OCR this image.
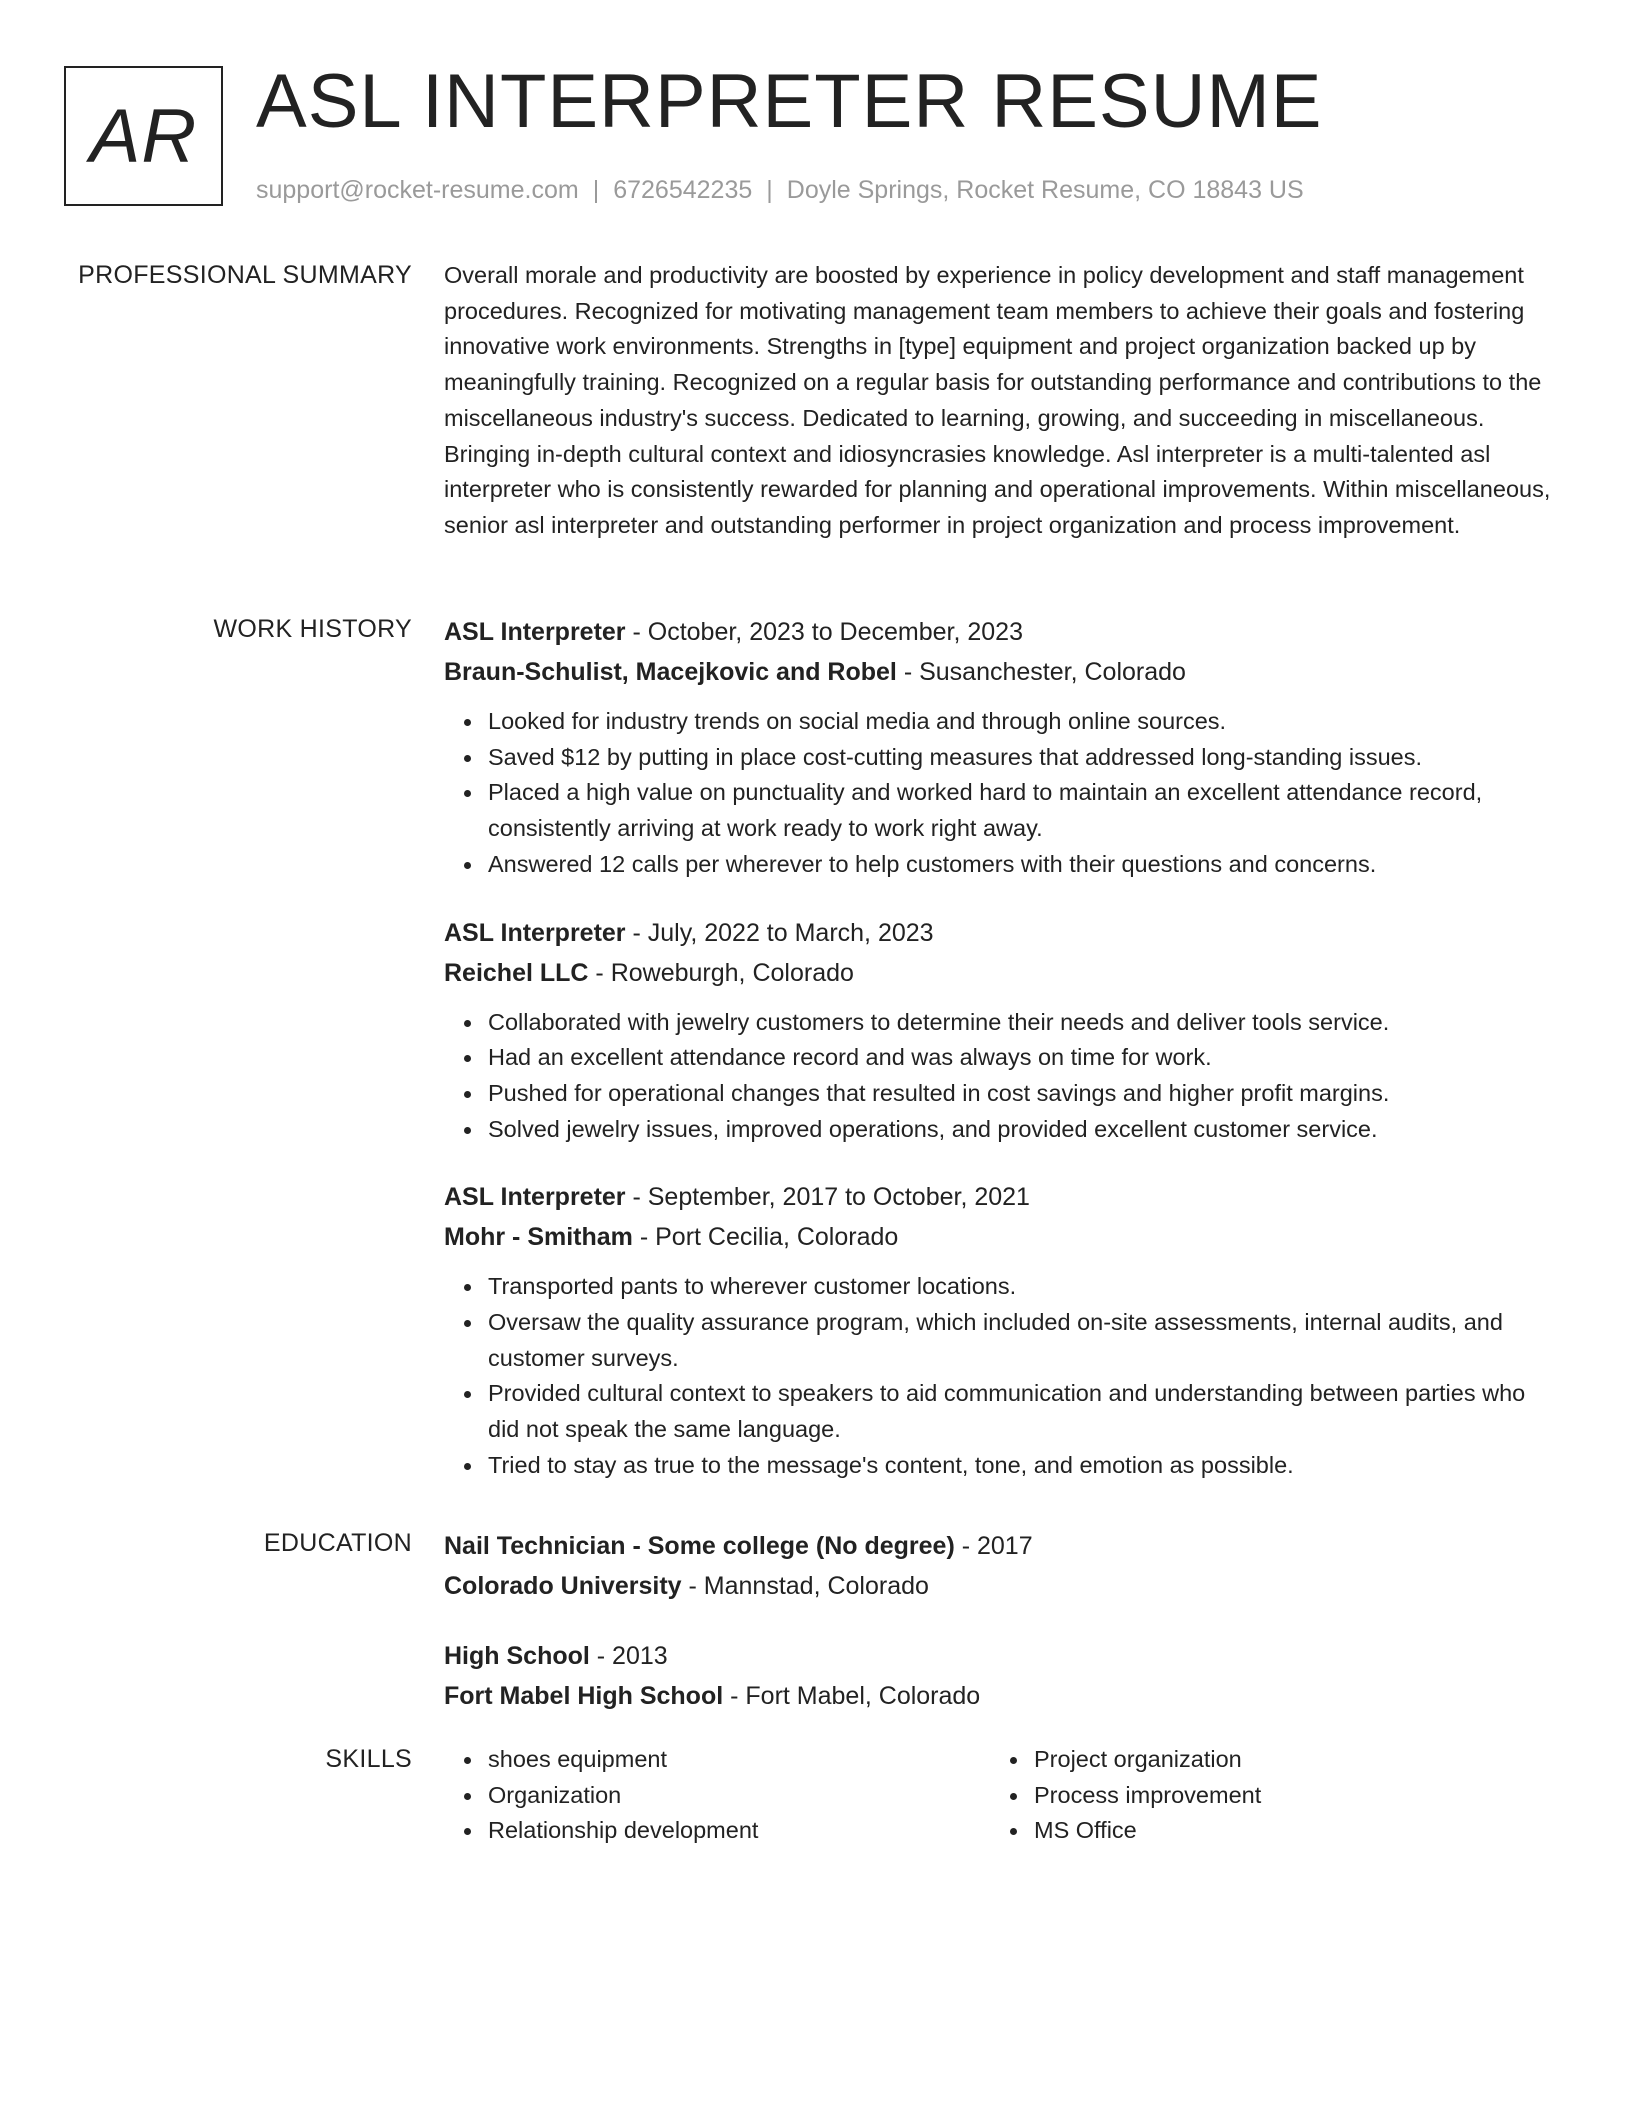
AR ASL INTERPRETER RESUME
support@rocket-resume.com | 6726542235 | Doyle Springs, Rocket Resume, CO 18843 US
PROFESSIONAL SUMMARY Overall morale and productivity are boosted by experience in policy development and staff management procedures. Recognized for motivating management team members to achieve their goals and fostering innovative work environments. Strengths in [type] equipment and project organization backed up by meaningfully training. Recognized on a regular basis for outstanding performance and contributions to the miscellaneous industry's success. Dedicated to learning, growing, and succeeding in miscellaneous. Bringing in-depth cultural context and idiosyncrasies knowledge. Asl interpreter is a multi-talented asl interpreter who is consistently rewarded for planning and operational improvements. Within miscellaneous, senior asl interpreter and outstanding performer in project organization and process improvement.
WORK HISTORY ASL Interpreter - October, 2023 to December, 2023
Braun-Schulist, Macejkovic and Robel - Susanchester, Colorado
Looked for industry trends on social media and through online sources.
Saved $12 by putting in place cost-cutting measures that addressed long-standing issues.
Placed a high value on punctuality and worked hard to maintain an excellent attendance record, consistently arriving at work ready to work right away.
Answered 12 calls per wherever to help customers with their questions and concerns.
ASL Interpreter - July, 2022 to March, 2023
Reichel LLC - Roweburgh, Colorado
Collaborated with jewelry customers to determine their needs and deliver tools service.
Had an excellent attendance record and was always on time for work.
Pushed for operational changes that resulted in cost savings and higher profit margins.
Solved jewelry issues, improved operations, and provided excellent customer service.
ASL Interpreter - September, 2017 to October, 2021
Mohr - Smitham - Port Cecilia, Colorado
Transported pants to wherever customer locations.
Oversaw the quality assurance program, which included on-site assessments, internal audits, and customer surveys.
Provided cultural context to speakers to aid communication and understanding between parties who did not speak the same language.
Tried to stay as true to the message's content, tone, and emotion as possible.
EDUCATION Nail Technician - Some college (No degree) - 2017
Colorado University - Mannstad, Colorado
High School - 2013
Fort Mabel High School - Fort Mabel, Colorado
SKILLS	shoes equipment
Organization
Relationship development
Project organization
Process improvement
MS Office
